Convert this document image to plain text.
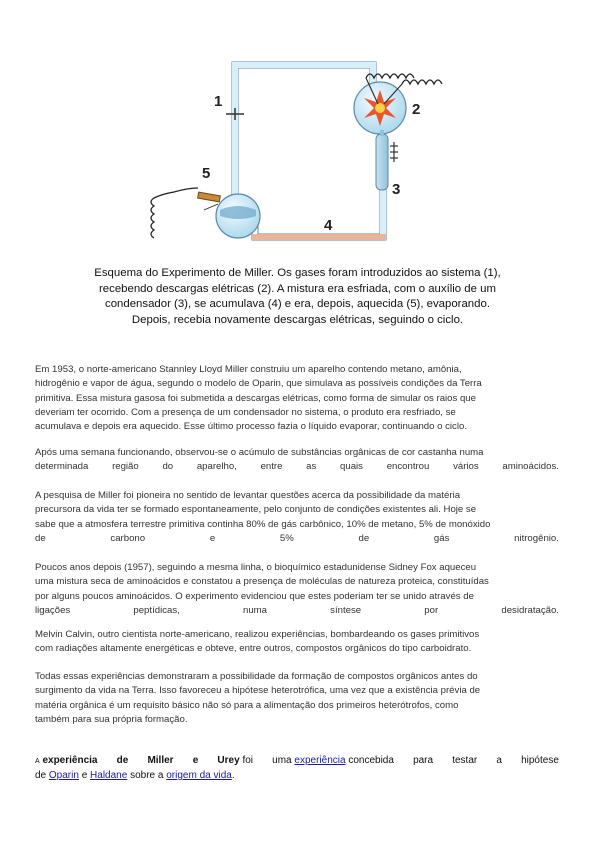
1	2
3
4
5
Esquema do Experimento de Miller. Os gases foram introduzidos ao sistema (1),
recebendo descargas elétricas (2). A mistura era esfriada, com o auxílio de um
condensador (3), se acumulava (4) e era, depois, aquecida (5), evaporando.
Depois, recebia novamente descargas elétricas, seguindo o ciclo.
Em 1953, o norte-americano Stannley Lloyd Miller construiu um aparelho contendo metano, amônia,
hidrogênio e vapor de água, segundo o modelo de Oparin, que simulava as possíveis condições da Terra
primitiva. Essa mistura gasosa foi submetida a descargas elétricas, como forma de simular os raios que
deveriam ter ocorrido. Com a presença de um condensador no sistema, o produto era resfriado, se
acumulava e depois era aquecido. Esse último processo fazia o líquido evaporar, continuando o ciclo.
Após uma semana funcionando, observou-se o acúmulo de substâncias orgânicas de cor castanha numa
determinada região do aparelho, entre as quais encontrou vários aminoácidos.
A pesquisa de Miller foi pioneira no sentido de levantar questões acerca da possibilidade da matéria
precursora da vida ter se formado espontaneamente, pelo conjunto de condições existentes ali. Hoje se
sabe que a atmosfera terrestre primitiva continha 80% de gás carbônico, 10% de metano, 5% de monóxido
de	carbono	e	5%	de	gás	nitrogênio.
Poucos anos depois (1957), seguindo a mesma linha, o bioquímico estadunidense Sidney Fox aqueceu
uma mistura seca de aminoácidos e constatou a presença de moléculas de natureza proteica, constituídas
por alguns poucos aminoácidos. O experimento evidenciou que estes poderiam ter se unido através de
ligações	peptídicas,	numa	síntese	por	desidratação.
Melvin Calvin, outro cientista norte-americano, realizou experiências, bombardeando os gases primitivos
com radiações altamente energéticas e obteve, entre outros, compostos orgânicos do tipo carboidrato.
Todas essas experiências demonstraram a possibilidade da formação de compostos orgânicos antes do
surgimento da vida na Terra. Isso favoreceu a hipótese heterotrófica, uma vez que a existência prévia de
matéria orgânica é um requisito básico não só para a alimentação dos primeiros heterótrofos, como
também para sua própria formação.
A experiência de Miller e Urey foi uma experiência concebida para testar a hipótese
de Oparin e Haldane sobre a origem da vida.
